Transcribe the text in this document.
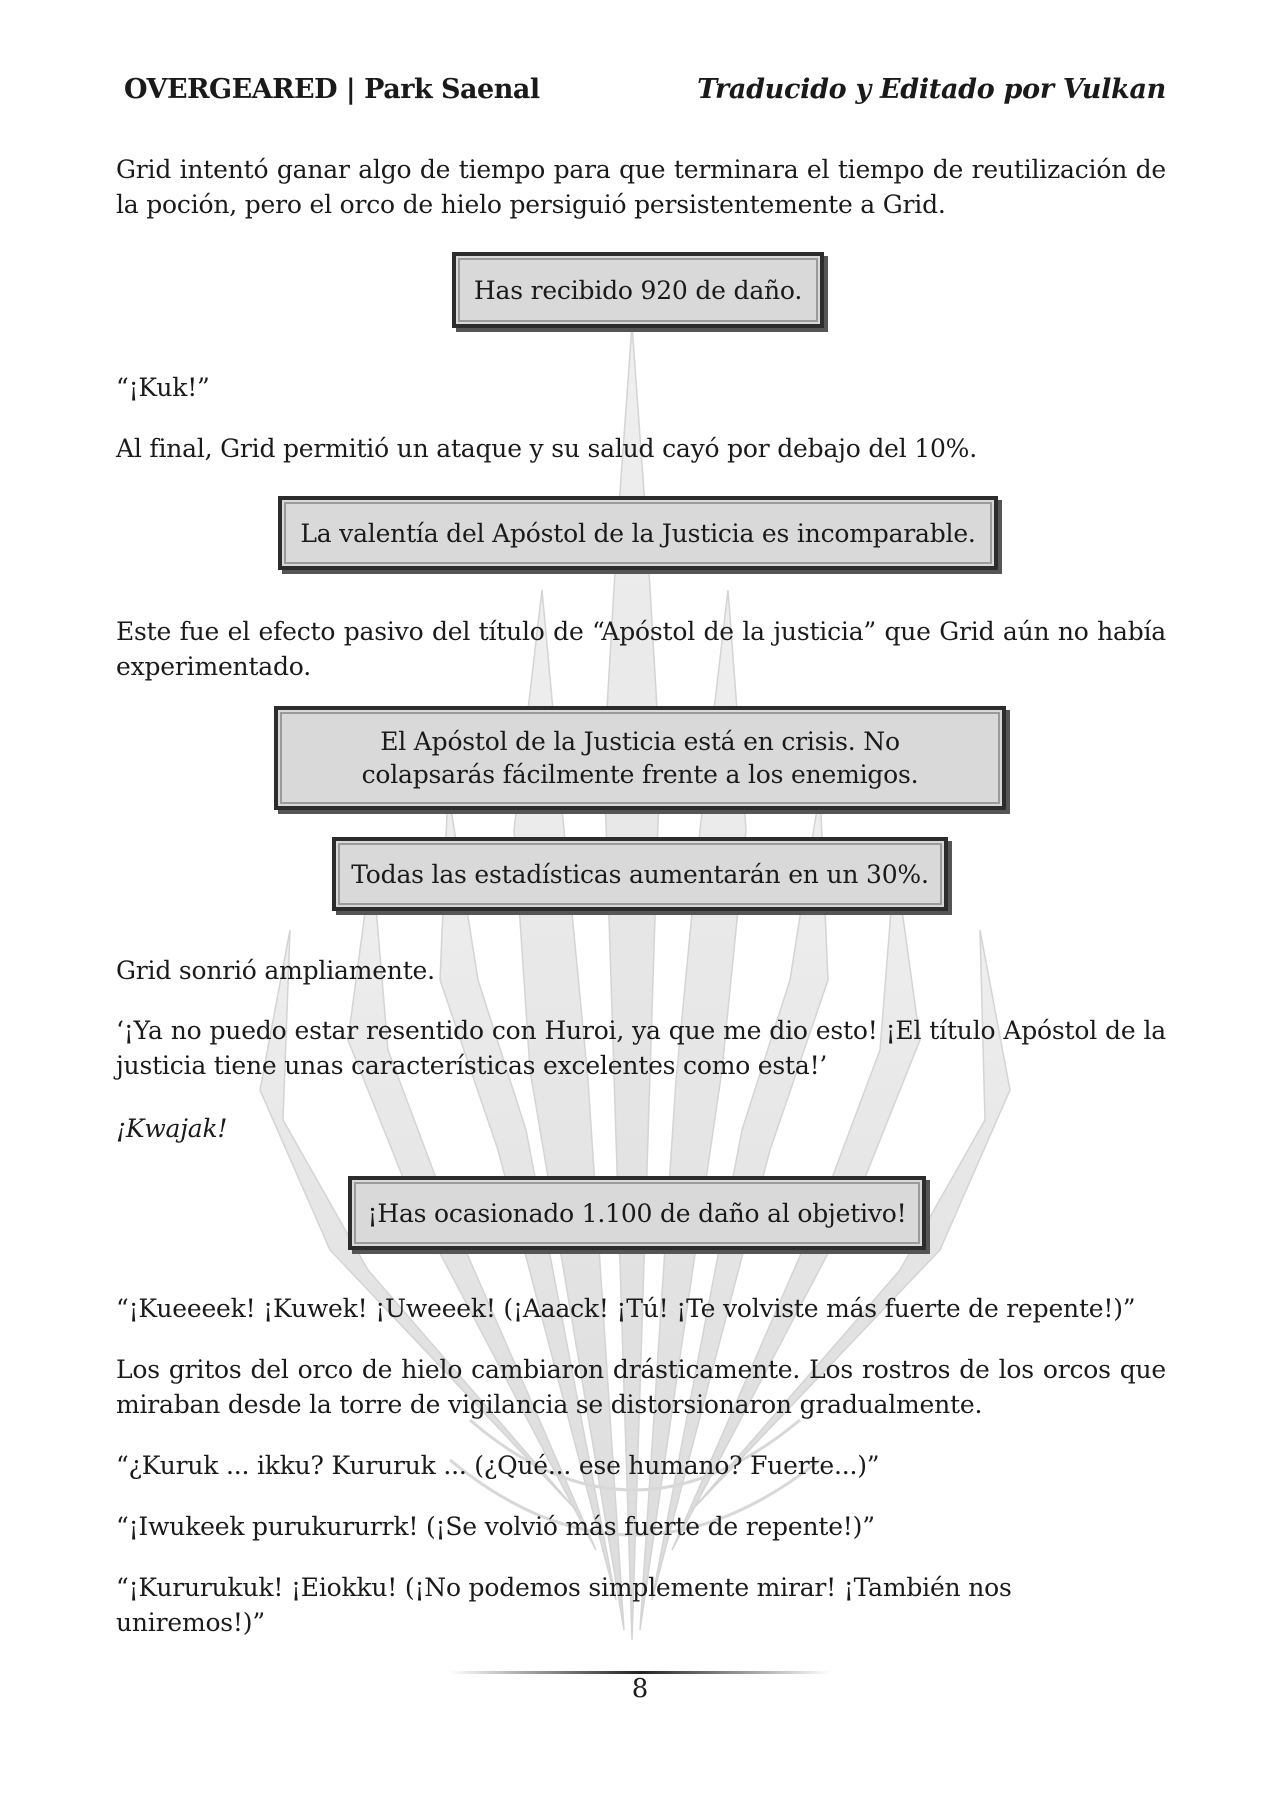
OVERGEARED | Park Saenal	Traducido y Editado por Vulkan

Grid intentó ganar algo de tiempo para que terminara el tiempo de reutilización de la poción, pero el orco de hielo persiguió persistentemente a Grid.

“¡Kuk!”

Al final, Grid permitió un ataque y su salud cayó por debajo del 10%.

Este fue el efecto pasivo del título de “Apóstol de la justicia” que Grid aún no había experimentado.

Grid sonrió ampliamente.

‘¡Ya no puedo estar resentido con Huroi, ya que me dio esto! ¡El título Apóstol de la justicia tiene unas características excelentes como esta!’

¡Kwajak!

“¡Kueeeek! ¡Kuwek! ¡Uweeek! (¡Aaack! ¡Tú! ¡Te volviste más fuerte de repente!)”

Los gritos del orco de hielo cambiaron drásticamente. Los rostros de los orcos que miraban desde la torre de vigilancia se distorsionaron gradualmente.

“¿Kuruk ... ikku? Kururuk ... (¿Qué... ese humano? Fuerte...)”

“¡Iwukeek purukururrk! (¡Se volvió más fuerte de repente!)”

“¡Kururukuk! ¡Eiokku! (¡No podemos simplemente mirar! ¡También nos uniremos!)”

Has recibido 920 de daño.
La valentía del Apóstol de la Justicia es incomparable.
El Apóstol de la Justicia está en crisis. No colapsarás fácilmente frente a los enemigos.
Todas las estadísticas aumentarán en un 30%.
¡Has ocasionado 1.100 de daño al objetivo!
8
